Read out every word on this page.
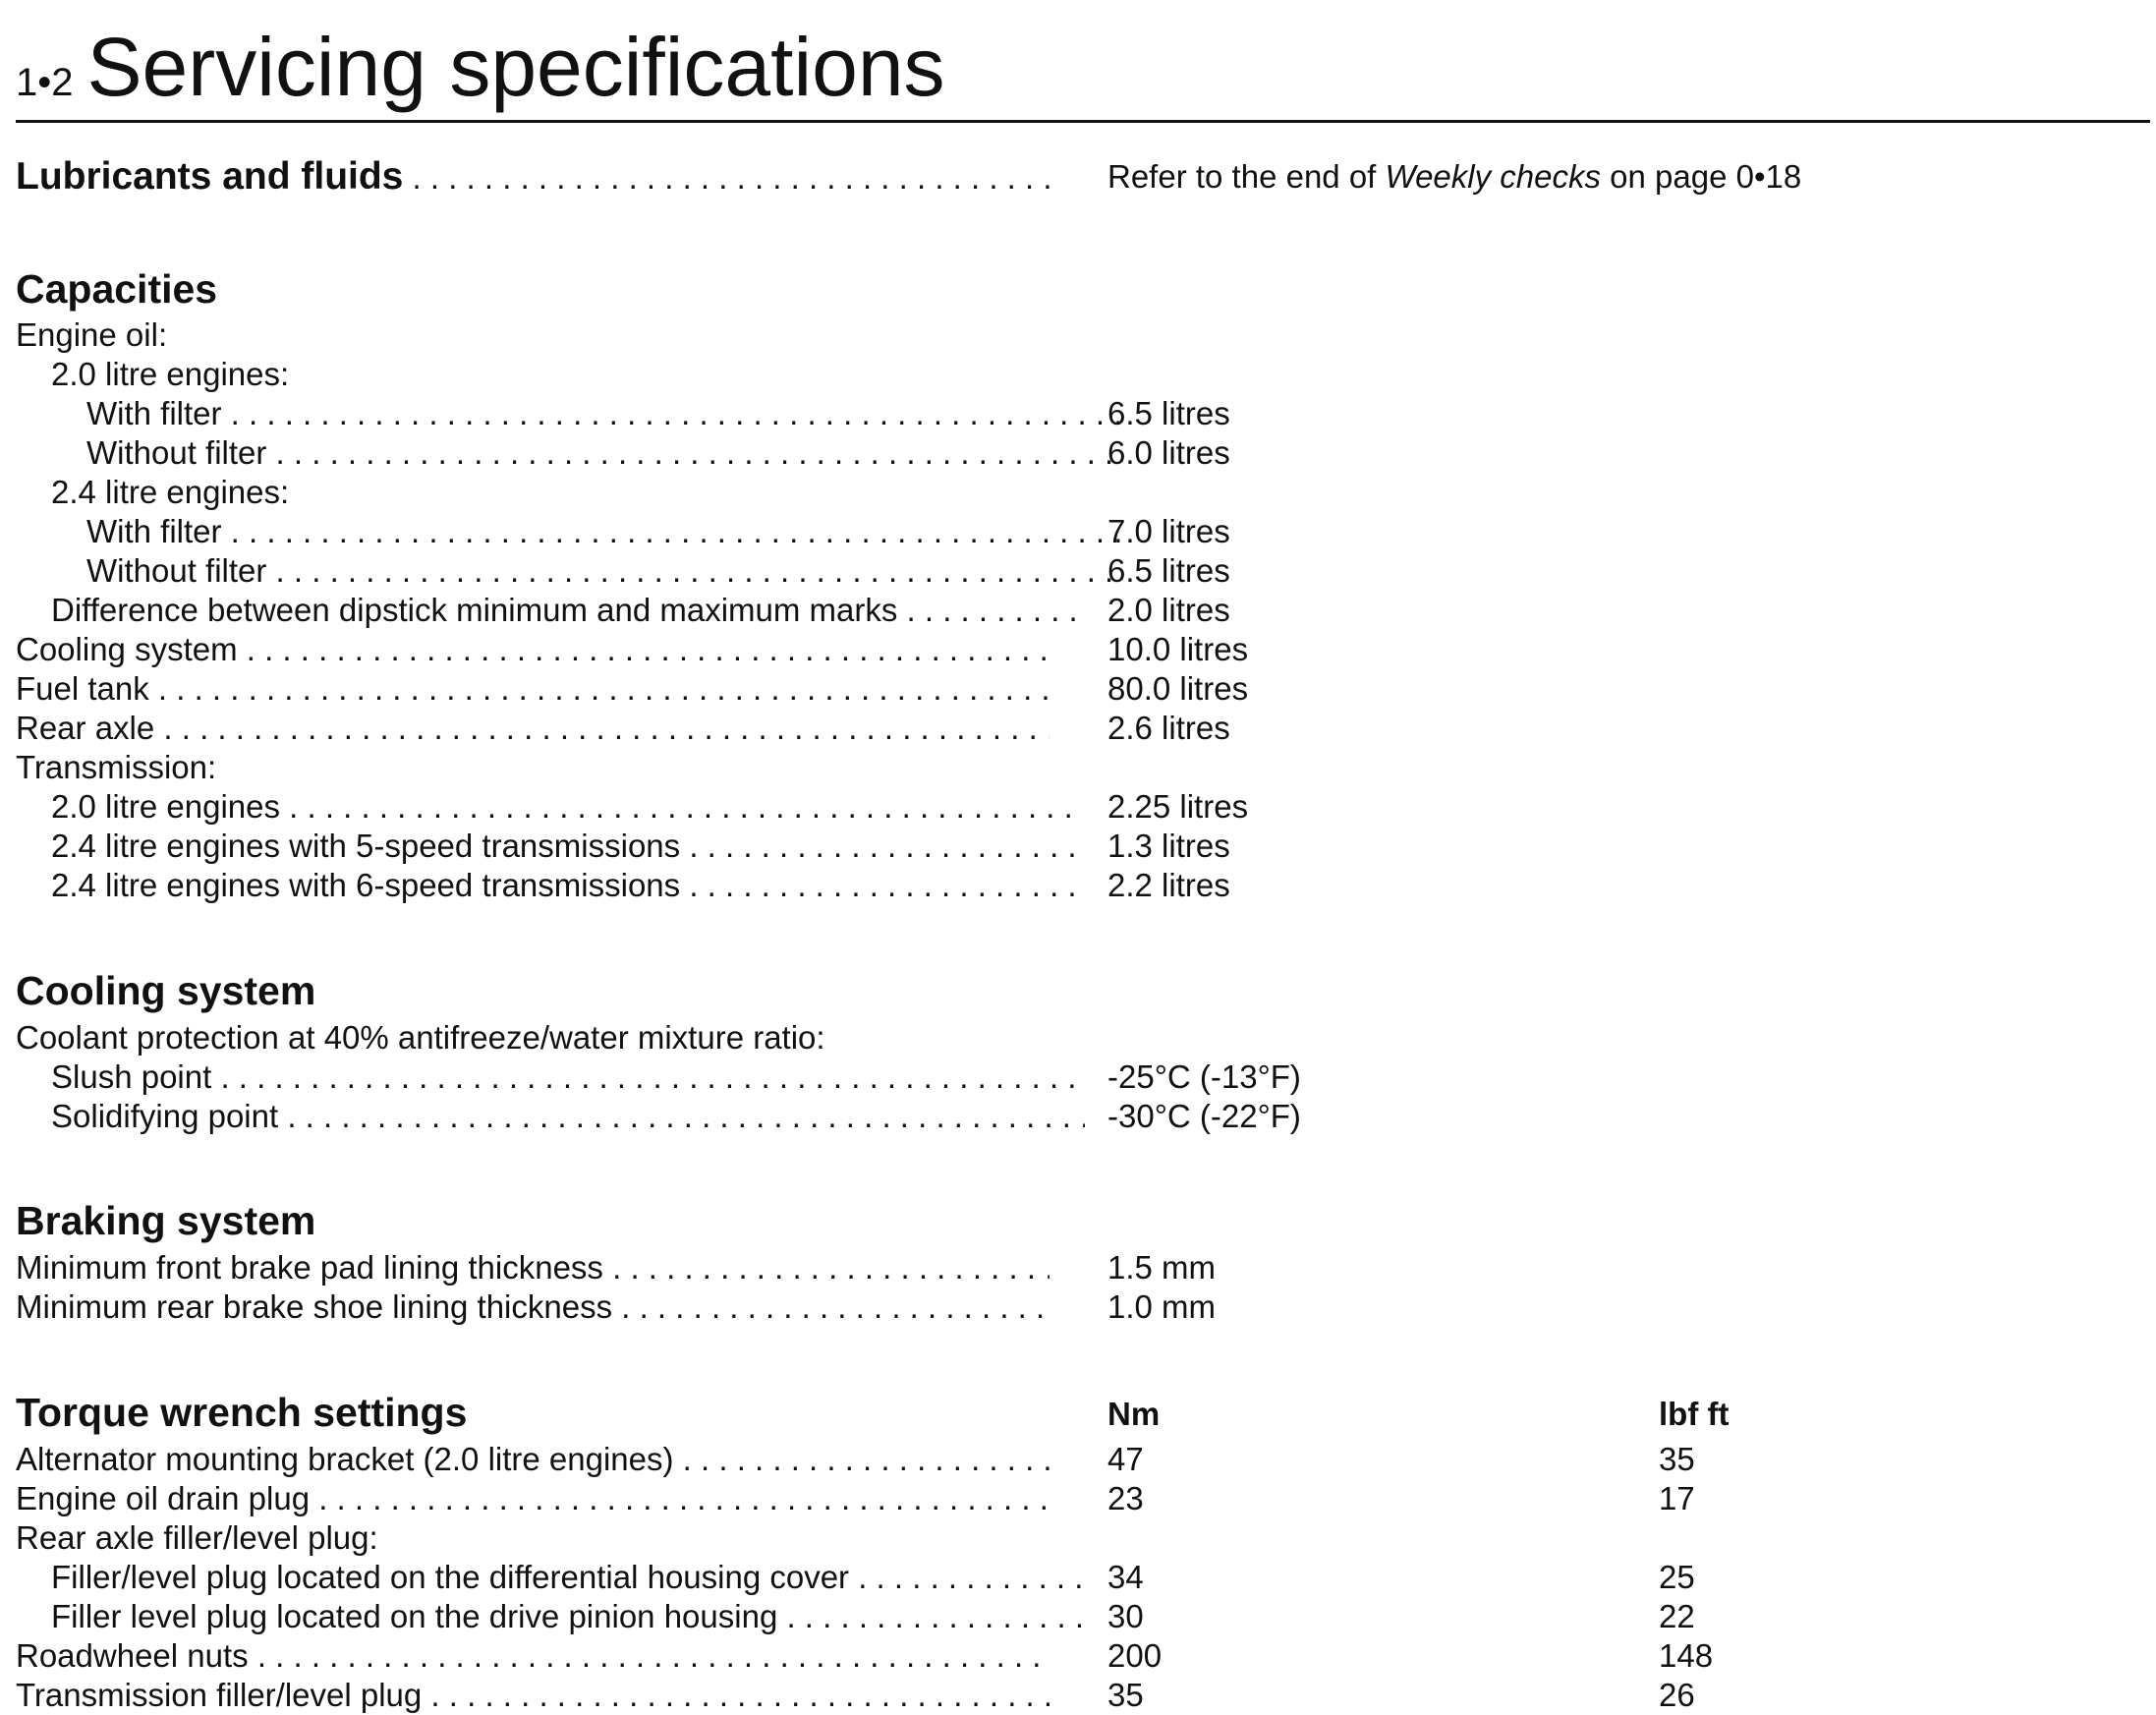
1•2 Servicing specifications
Lubricants and fluids . . .	Refer to the end of Weekly checks on page 0•18
Capacities
Engine oil:
2.0 litre engines:
With filter . . .	6.5 litres
Without filter . . .	6.0 litres
2.4 litre engines:
With filter . . .	7.0 litres
Without filter . . .	6.5 litres
Difference between dipstick minimum and maximum marks . . .	2.0 litres
Cooling system . . .	10.0 litres
Fuel tank . . .	80.0 litres
Rear axle . . .	2.6 litres
Transmission:
2.0 litre engines . . .	2.25 litres
2.4 litre engines with 5-speed transmissions . . .	1.3 litres
2.4 litre engines with 6-speed transmissions . . .	2.2 litres
Cooling system
Coolant protection at 40% antifreeze/water mixture ratio:
Slush point . . .	-25°C (-13°F)
Solidifying point . . .	-30°C (-22°F)
Braking system
Minimum front brake pad lining thickness . . .	1.5 mm
Minimum rear brake shoe lining thickness . . .	1.0 mm
Torque wrench settings	Nm	lbf ft
Alternator mounting bracket (2.0 litre engines) . . .	47	35
Engine oil drain plug . . .	23	17
Rear axle filler/level plug:
Filler/level plug located on the differential housing cover . . .	34	25
Filler level plug located on the drive pinion housing . . .	30	22
Roadwheel nuts . . .	200	148
Transmission filler/level plug . . .	35	26
